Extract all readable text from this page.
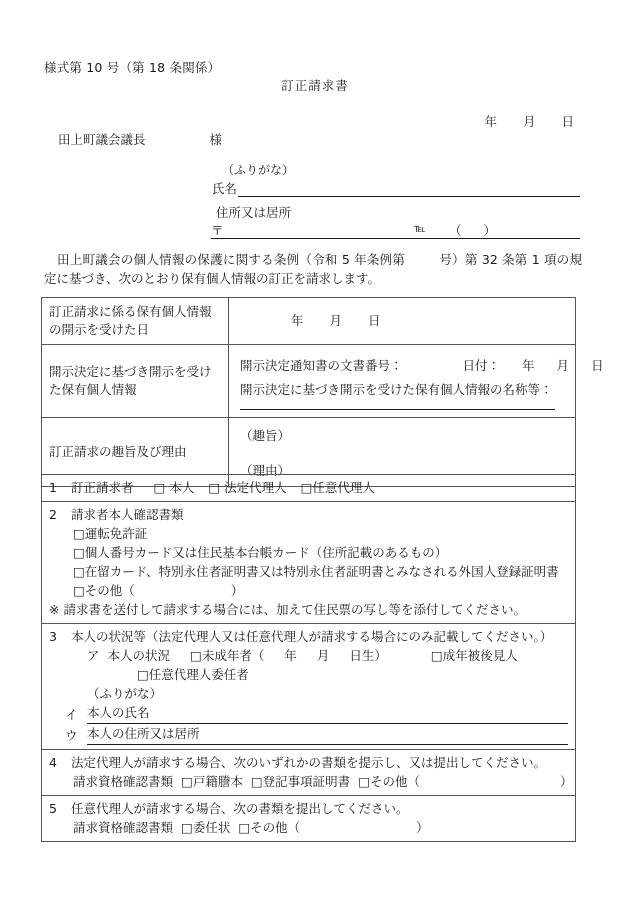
様式第 10 号（第 18 条関係）
訂正請求書
年 月 日
田上町議会議長	様
（ふりがな）
氏名
住所又は居所
〒	℡ （）
田上町議会の個人情報の保護に関する条例（令和 5 年条例第	号）第 32 条第 1 項の規定に基づき、次のとおり保有個人情報の訂正を請求します。
訂正請求に係る保有個人情報の開示を受けた日	年 月 日

開示決定に基づき開示を受けた保有個人情報	開示決定通知書の文書番号： 日付： 年 月 日
開示決定に基づき開示を受けた保有個人情報の名称等：

訂正請求の趣旨及び理由	（趣旨）
（理由）
1 訂正請求者 □ 本人 □ 法定代理人 □任意代理人

2 請求者本人確認書類
□運転免許証
□個人番号カード又は住民基本台帳カード（住所記載のあるもの）
□在留カード、特別永住者証明書又は特別永住者証明書とみなされる外国人登録証明書
□その他（	）
※ 請求書を送付して請求する場合には、加えて住民票の写し等を添付してください。

3 本人の状況等（法定代理人又は任意代理人が請求する場合にのみ記載してください。）
ア 本人の状況 □未成年者（ 年 月 日生）	□成年被後見人
□任意代理人委任者
（ふりがな）
イ 本人の氏名
ウ 本人の住所又は居所

4 法定代理人が請求する場合、次のいずれかの書類を提示し、又は提出してください。
請求資格確認書類 □戸籍謄本 □登記事項証明書 □その他（	）

5 任意代理人が請求する場合、次の書類を提出してください。
請求資格確認書類 □委任状 □その他（	）
